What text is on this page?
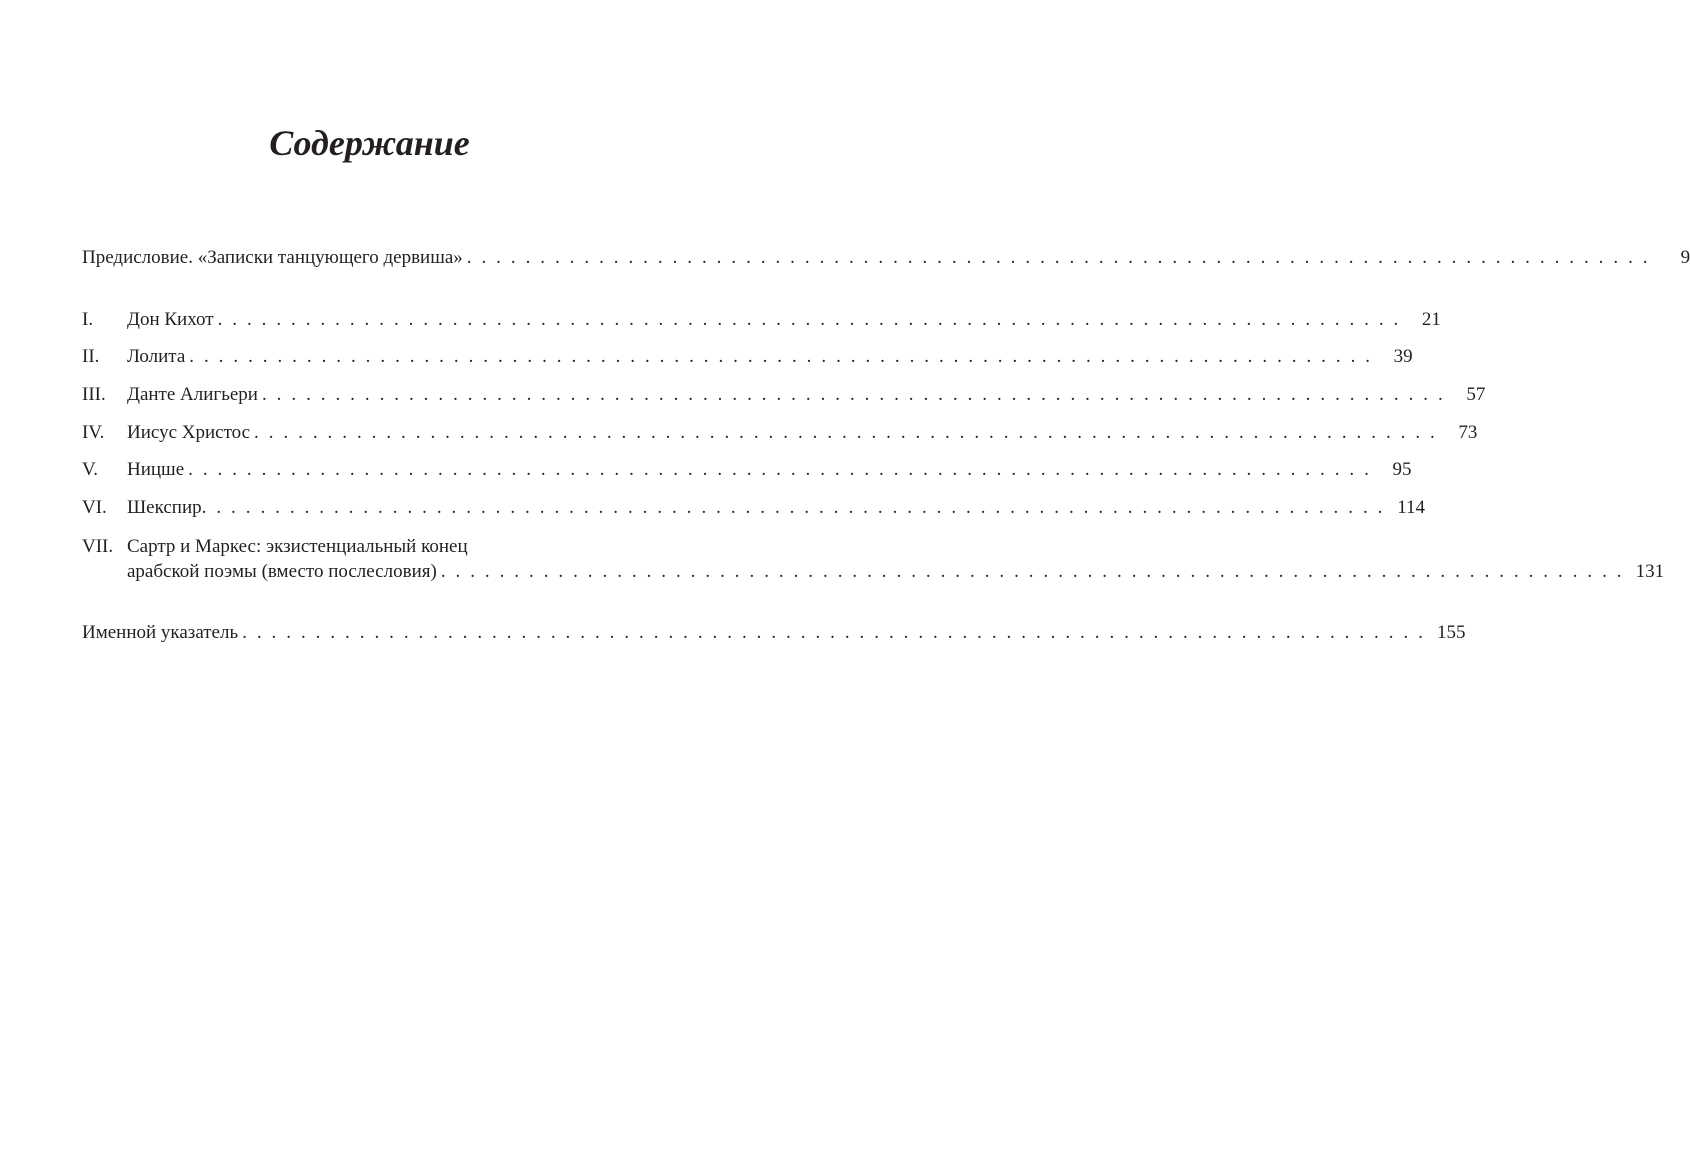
Содержание
Предисловие. «Записки танцующего дервиша» . . . . . . . . . . . . . . . . . . . . . . . . . . . . . . . . . . . . . . . . . . . . . . . . . . . . . . . . . . . . . . . . . . . . . . . . . . . . . . . . .	9
I.	Дон Кихот . . . . . . . . . . . . . . . . . . . . . . . . . . . . . . . . . . . . . . . . . . . . . . . . . . . . . . . . . . . . . . . . . . . . . . . . . . . . . . . . .	21
II.	Лолита . . . . . . . . . . . . . . . . . . . . . . . . . . . . . . . . . . . . . . . . . . . . . . . . . . . . . . . . . . . . . . . . . . . . . . . . . . . . . . . . .	39
III.	Данте Алигьери . . . . . . . . . . . . . . . . . . . . . . . . . . . . . . . . . . . . . . . . . . . . . . . . . . . . . . . . . . . . . . . . . . . . . . . . . . . . . . . . .	57
IV.	Иисус Христос . . . . . . . . . . . . . . . . . . . . . . . . . . . . . . . . . . . . . . . . . . . . . . . . . . . . . . . . . . . . . . . . . . . . . . . . . . . . . . . . .	73
V.	Ницше . . . . . . . . . . . . . . . . . . . . . . . . . . . . . . . . . . . . . . . . . . . . . . . . . . . . . . . . . . . . . . . . . . . . . . . . . . . . . . . . .	95
VI.	Шекспир . . . . . . . . . . . . . . . . . . . . . . . . . . . . . . . . . . . . . . . . . . . . . . . . . . . . . . . . . . . . . . . . . . . . . . . . . . . . . . . . . 114
VII. Сартр и Маркес: экзистенциальный конец
арабской поэмы (вместо послесловия) . . . . . . . . . . . . . . . . . . . . . . . . . . . . . . . . . . . . . . . . . . . . . . . . . . . . . . . . . . . . . . . . . . . . . . . . . . . . . . . . . 131
Именной указатель . . . . . . . . . . . . . . . . . . . . . . . . . . . . . . . . . . . . . . . . . . . . . . . . . . . . . . . . . . . . . . . . . . . . . . . . . . . . . . . . . 155
